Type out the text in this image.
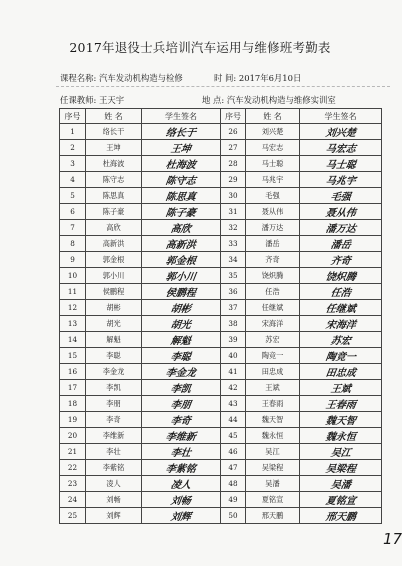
2017年退役士兵培训汽车运用与维修班考勤表
课程名称: 汽车发动机构造与检修	时 间: 2017年6月10日
任课教师: 王天宇	地 点: 汽车发动机构造与维修实训室
序号	姓 名	学生签名	序号	姓 名	学生签名
1	络长干	络长于	26	刘兴楚	刘兴楚
2	王坤	王坤	27	马宏志	马宏志
3	杜海波	杜海波	28	马士聪	马士聪
4	陈守志	陈守志	29	马兆宇	马兆宇
5	陈思真	陈思真	30	毛强	毛强
6	陈子豪	陈子豪	31	聂从伟	聂从伟
7	高欣	高欣	32	潘万达	潘万达
8	高新洪	高新洪	33	潘岳	潘岳
9	郭金根	郭金根	34	齐奇	齐奇
10	郭小川	郭小川	35	饶炽腾	饶炽腾
11	侯鹏程	侯鹏程	36	任浩	任浩
12	胡彬	胡彬	37	任继斌	任继斌
13	胡光	胡光	38	宋海洋	宋海洋
14	解魁	解魁	39	苏宏	苏宏
15	李聪	李聪	40	陶竞一	陶竞一
16	李金龙	李金龙	41	田忠成	田忠成
17	李凯	李凯	42	王斌	王斌
18	李朋	李朋	43	王春雨	王春雨
19	李奇	李奇	44	魏天智	魏天智
20	李维新	李维新	45	魏永恒	魏永恒
21	李壮	李壮	46	吴江	吴江
22	李紫铭	李紫铭	47	吴梁程	吴梁程
23	凌人	凌人	48	吴潘	吴潘
24	刘畅	刘畅	49	夏铭宣	夏铭宣
25	刘辉	刘辉	50	邢天鹏	邢天鹏
17
